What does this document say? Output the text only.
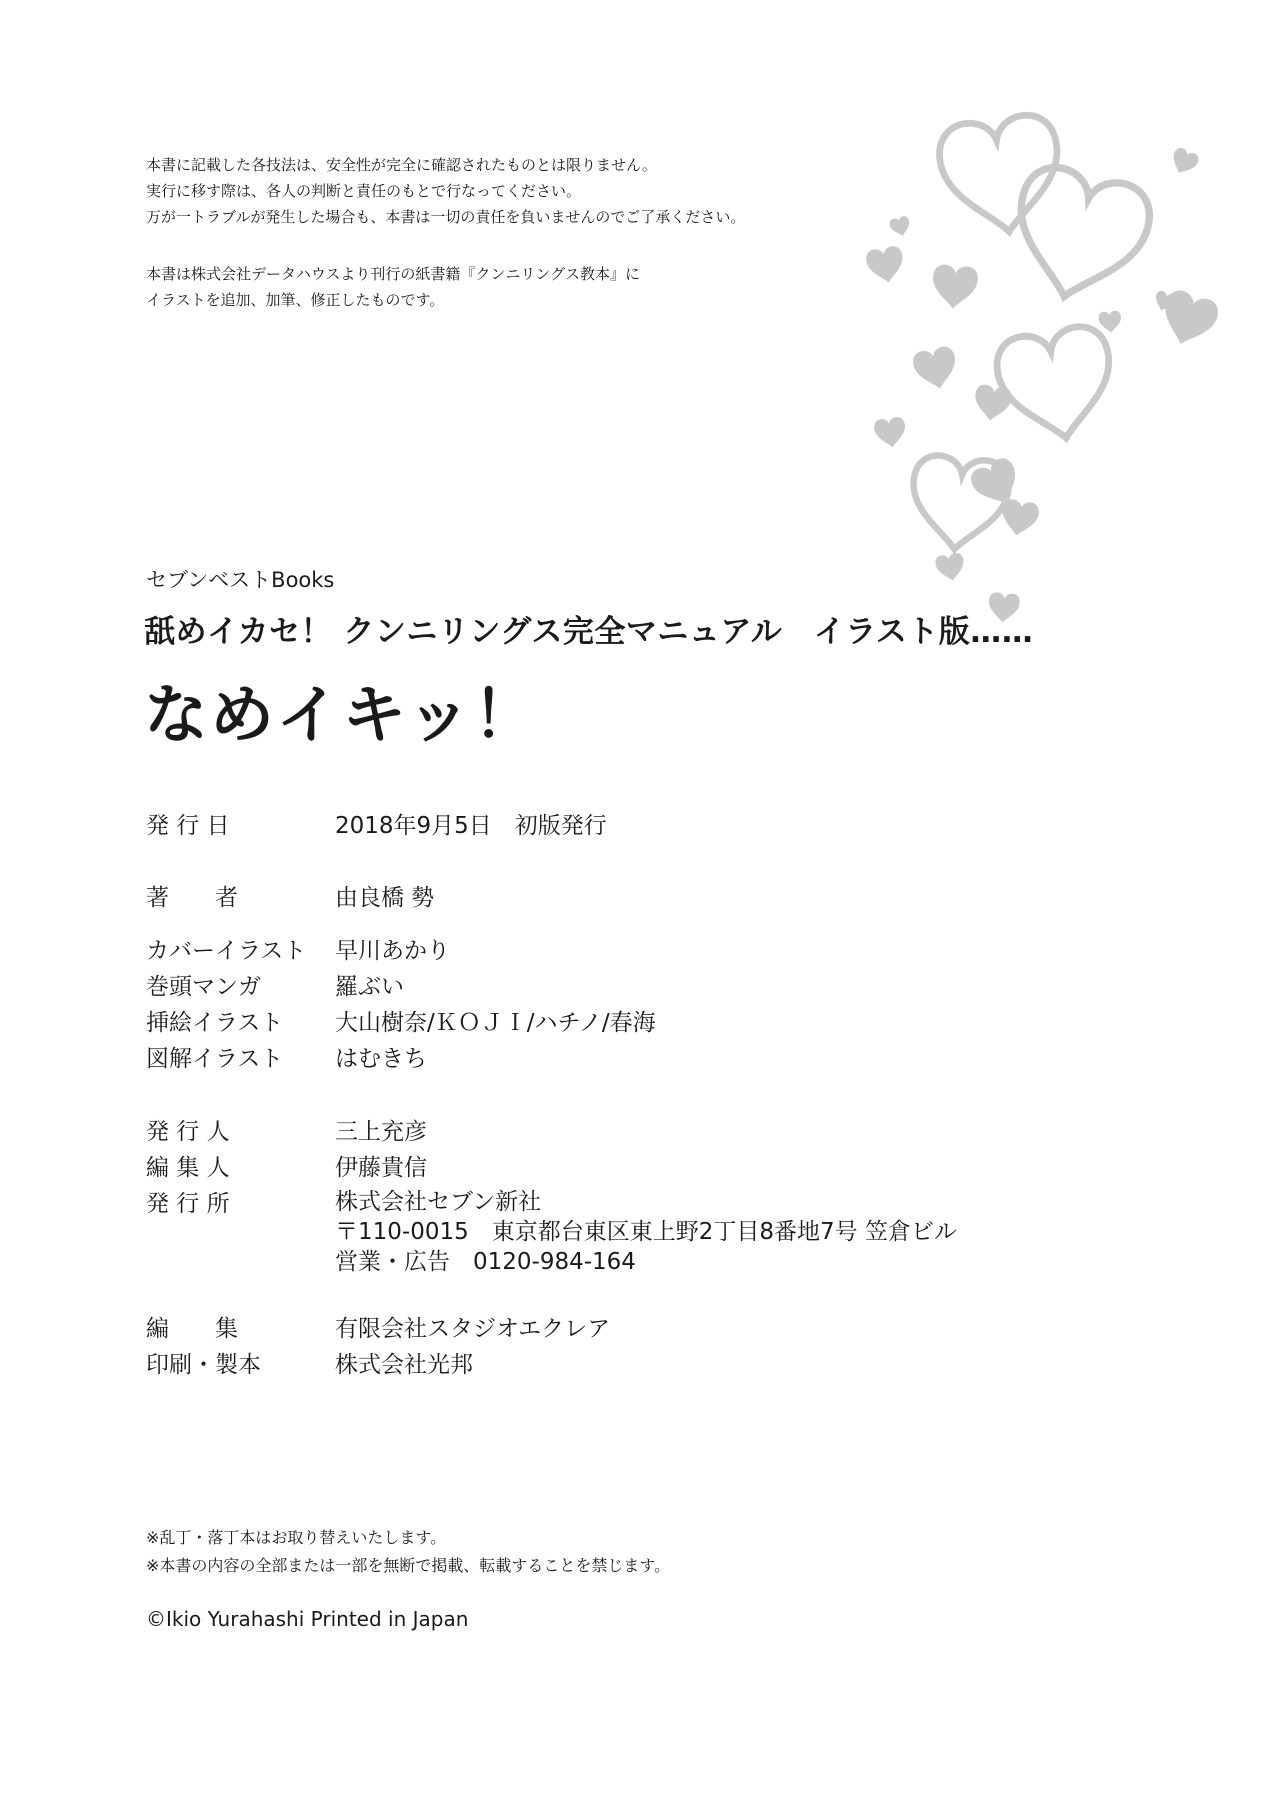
本書に記載した各技法は、安全性が完全に確認されたものとは限りません。
実行に移す際は、各人の判断と責任のもとで行なってください。
万が一トラブルが発生した場合も、本書は一切の責任を負いませんのでご了承ください。
本書は株式会社データハウスより刊行の紙書籍『クンニリングス教本』に
イラストを追加、加筆、修正したものです。
セブンベストBooks
舐めイカセ！ クンニリングス完全マニュアル　イラスト版……
なめイキッ！
発 行 日	2018年9月5日　初版発行
著　　者	由良橋 勢
カバーイラスト 早川あかり
巻頭マンガ	羅ぶい
挿絵イラスト 大山樹奈/ＫＯＪＩ/ハチノ/春海
図解イラスト はむきち
発 行 人	三上充彦
編 集 人	伊藤貴信
発 行 所	株式会社セブン新社
〒110-0015　東京都台東区東上野2丁目8番地7号 笠倉ビル
営業・広告　0120-984-164
編　　集	有限会社スタジオエクレア
印刷・製本	株式会社光邦
※乱丁・落丁本はお取り替えいたします。
※本書の内容の全部または一部を無断で掲載、転載することを禁じます。
©Ikio Yurahashi Printed in Japan
